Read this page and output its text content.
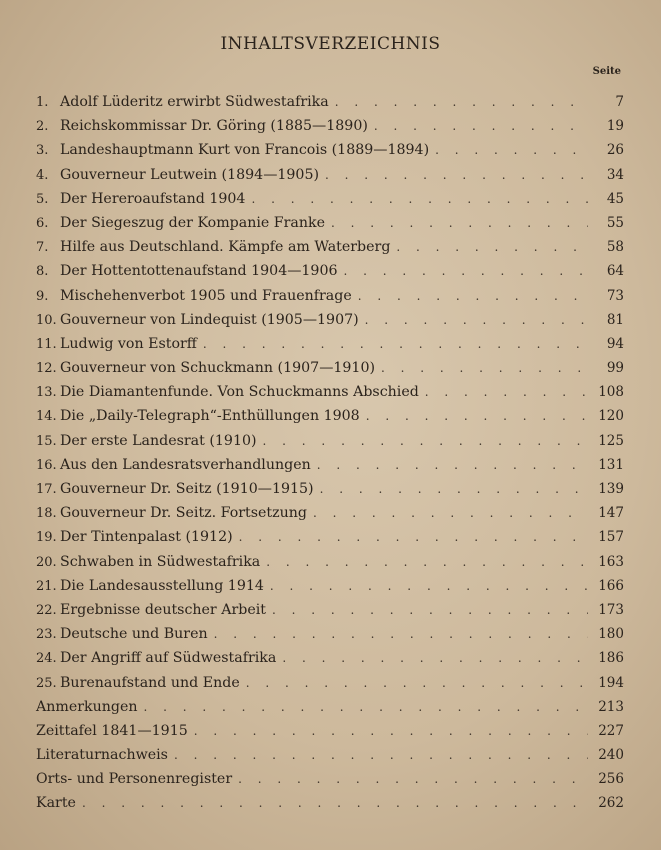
INHALTSVERZEICHNIS
Seite
1. Adolf Lüderitz erwirbt Südwestafrika . . .	7
2. Reichskommissar Dr. Göring (1885—1890) . . .	19
3. Landeshauptmann Kurt von Francois (1889—1894) . . .	26
4. Gouverneur Leutwein (1894—1905) . . .	34
5. Der Hereroaufstand 1904 . . .	45
6. Der Siegeszug der Kompanie Franke . . .	55
7. Hilfe aus Deutschland. Kämpfe am Waterberg . . .	58
8. Der Hottentottenaufstand 1904—1906 . . .	64
9. Mischehenverbot 1905 und Frauenfrage . . .	73
10. Gouverneur von Lindequist (1905—1907) . . .	81
11. Ludwig von Estorff . . .	94
12. Gouverneur von Schuckmann (1907—1910) . . .	99
13. Die Diamantenfunde. Von Schuckmanns Abschied . . .	108
14. Die „Daily-Telegraph“-Enthüllungen 1908 . . .	120
15. Der erste Landesrat (1910) . . .	125
16. Aus den Landesratsverhandlungen . . .	131
17. Gouverneur Dr. Seitz (1910—1915) . . .	139
18. Gouverneur Dr. Seitz. Fortsetzung . . .	147
19. Der Tintenpalast (1912) . . .	157
20. Schwaben in Südwestafrika . . .	163
21. Die Landesausstellung 1914 . . .	166
22. Ergebnisse deutscher Arbeit . . .	173
23. Deutsche und Buren . . .	180
24. Der Angriff auf Südwestafrika . . .	186
25. Burenaufstand und Ende . . .	194
Anmerkungen . . .	213
Zeittafel 1841—1915 . . .	227
Literaturnachweis . . .	240
Orts- und Personenregister . . .	256
Karte . . .	262
